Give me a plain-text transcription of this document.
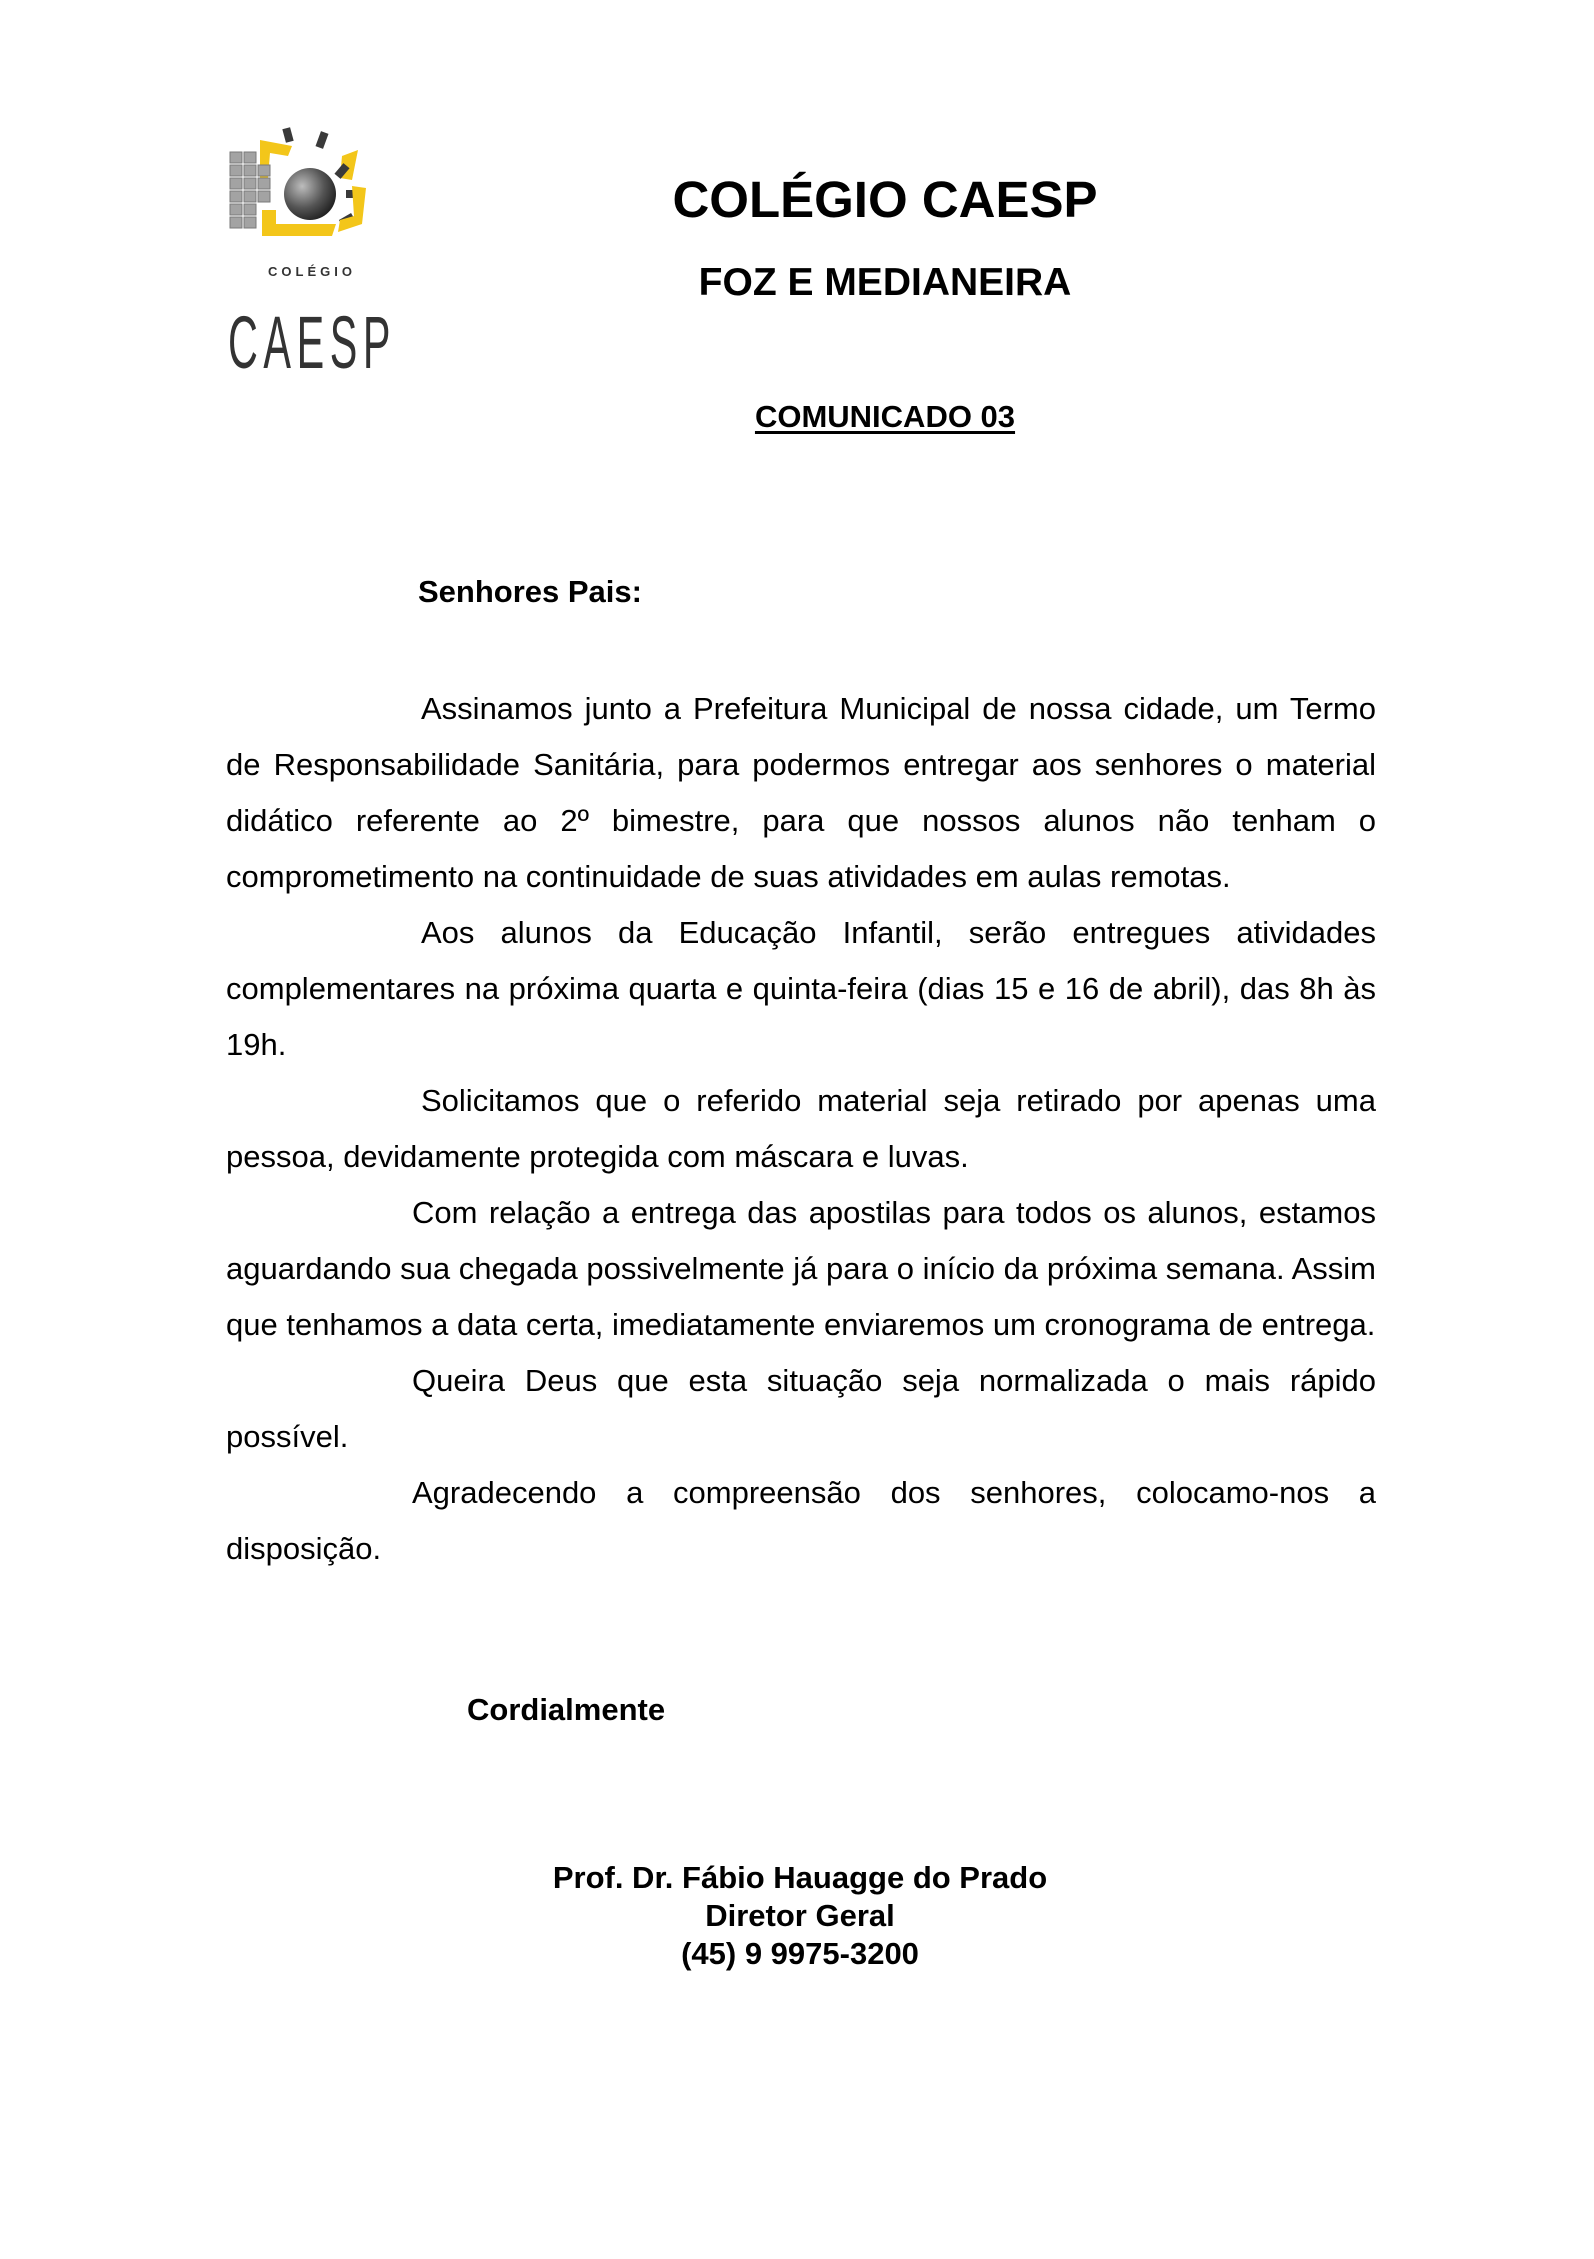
COLÉGIO
CAESP
COLÉGIO CAESP
FOZ E MEDIANEIRA
COMUNICADO 03
Senhores Pais:

Assinamos junto a Prefeitura Municipal de nossa cidade, um Termo de Responsabilidade Sanitária, para podermos entregar aos senhores o material didático referente ao 2º bimestre, para que nossos alunos não tenham o comprometimento na continuidade de suas atividades em aulas remotas.

Aos alunos da Educação Infantil, serão entregues atividades complementares na próxima quarta e quinta-feira (dias 15 e 16 de abril), das 8h às 19h.

Solicitamos que o referido material seja retirado por apenas uma pessoa, devidamente protegida com máscara e luvas.

Com relação a entrega das apostilas para todos os alunos, estamos aguardando sua chegada possivelmente já para o início da próxima semana. Assim que tenhamos a data certa, imediatamente enviaremos um cronograma de entrega.

Queira Deus que esta situação seja normalizada o mais rápido possível.

Agradecendo a compreensão dos senhores, colocamo-nos a disposição.

Cordialmente
Prof. Dr. Fábio Hauagge do Prado
Diretor Geral
(45) 9 9975-3200
